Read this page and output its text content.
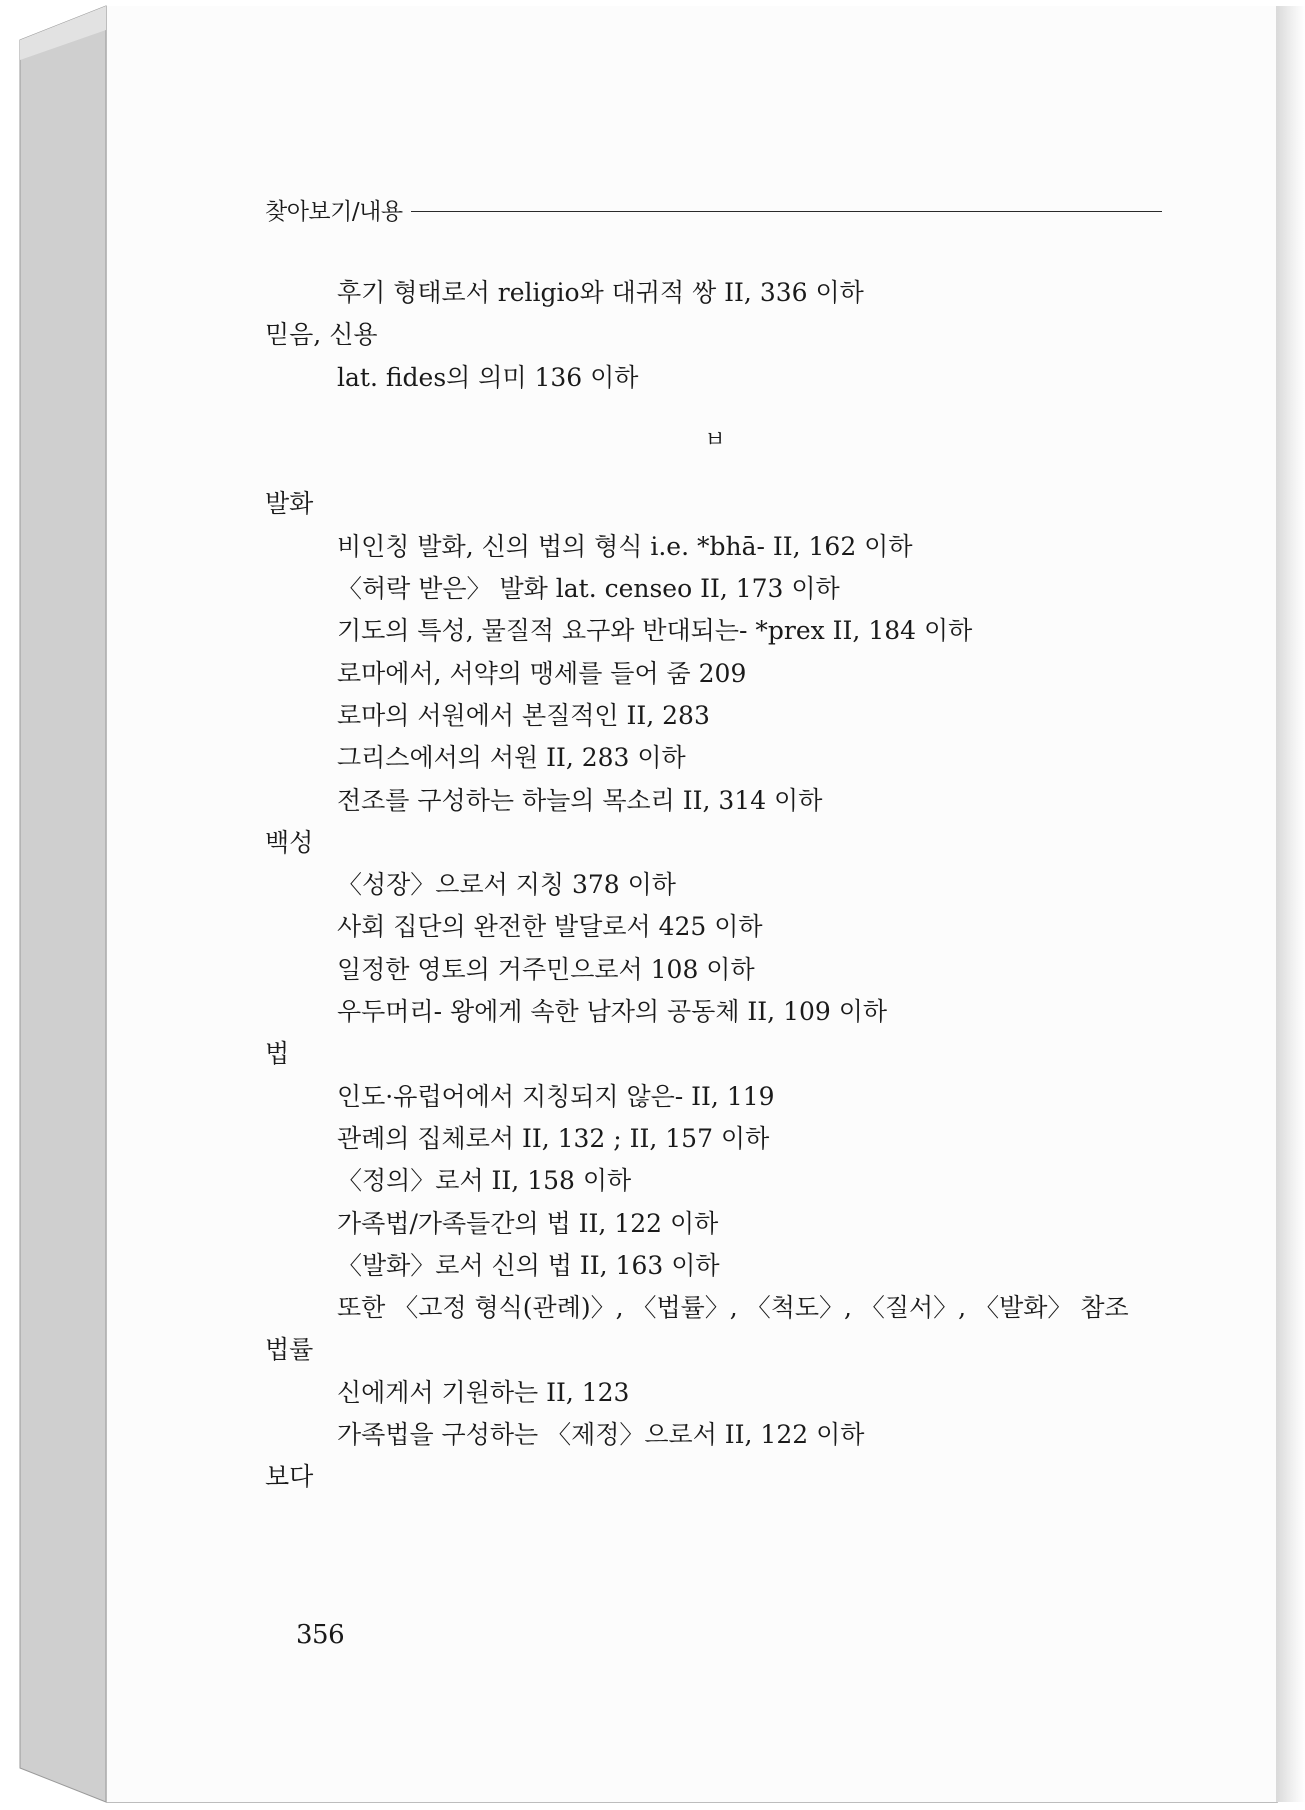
찾아보기/내용
후기 형태로서 religio와 대귀적 쌍 II, 336 이하
믿음, 신용
lat. fides의 의미 136 이하
ㅂ
발화
비인칭 발화, 신의 법의 형식 i.e. *bhā- II, 162 이하
〈허락 받은〉 발화 lat. censeo II, 173 이하
기도의 특성, 물질적 요구와 반대되는- *prex II, 184 이하
로마에서, 서약의 맹세를 들어 줌 209
로마의 서원에서 본질적인 II, 283
그리스에서의 서원 II, 283 이하
전조를 구성하는 하늘의 목소리 II, 314 이하
백성
〈성장〉으로서 지칭 378 이하
사회 집단의 완전한 발달로서 425 이하
일정한 영토의 거주민으로서 108 이하
우두머리- 왕에게 속한 남자의 공동체 II, 109 이하
법
인도·유럽어에서 지칭되지 않은- II, 119
관례의 집체로서 II, 132 ; II, 157 이하
〈정의〉로서 II, 158 이하
가족법/가족들간의 법 II, 122 이하
〈발화〉로서 신의 법 II, 163 이하
또한 〈고정 형식(관례)〉, 〈법률〉, 〈척도〉, 〈질서〉, 〈발화〉 참조
법률
신에게서 기원하는 II, 123
가족법을 구성하는 〈제정〉으로서 II, 122 이하
보다
356
